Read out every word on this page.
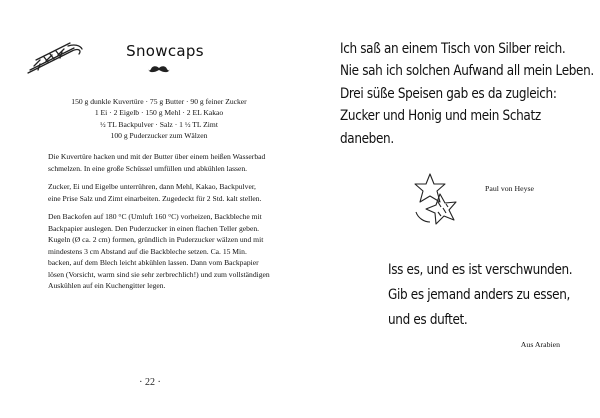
Snowcaps
150 g dunkle Kuvertüre · 75 g Butter · 90 g feiner Zucker
1 Ei · 2 Eigelb · 150 g Mehl · 2 EL Kakao
½ TL Backpulver · Salz · 1 ½ TL Zimt
100 g Puderzucker zum Wälzen

Die Kuvertüre hacken und mit der Butter über einem heißen Wasserbad schmelzen. In eine große Schüssel umfüllen und abkühlen lassen.

Zucker, Ei und Eigelbe unterrühren, dann Mehl, Kakao, Backpulver, eine Prise Salz und Zimt einarbeiten. Zugedeckt für 2 Std. kalt stellen.

Den Backofen auf 180 °C (Umluft 160 °C) vorheizen, Backbleche mit Backpapier auslegen. Den Puderzucker in einen flachen Teller geben. Kugeln (Ø ca. 2 cm) formen, gründlich in Puderzucker wälzen und mit mindestens 3 cm Abstand auf die Backbleche setzen. Ca. 15 Min. backen, auf dem Blech leicht abkühlen lassen. Dann vom Backpapier lösen (Vorsicht, warm sind sie sehr zerbrechlich!) und zum vollständigen Auskühlen auf ein Kuchengitter legen.

· 22 ·
Ich saß an einem Tisch von Silber reich.
Nie sah ich solchen Aufwand all mein Leben.
Drei süße Speisen gab es da zugleich:
Zucker und Honig und mein Schatz
daneben.
Paul von Heyse
Iss es, und es ist verschwunden.
Gib es jemand anders zu essen,
und es duftet.
Aus Arabien
